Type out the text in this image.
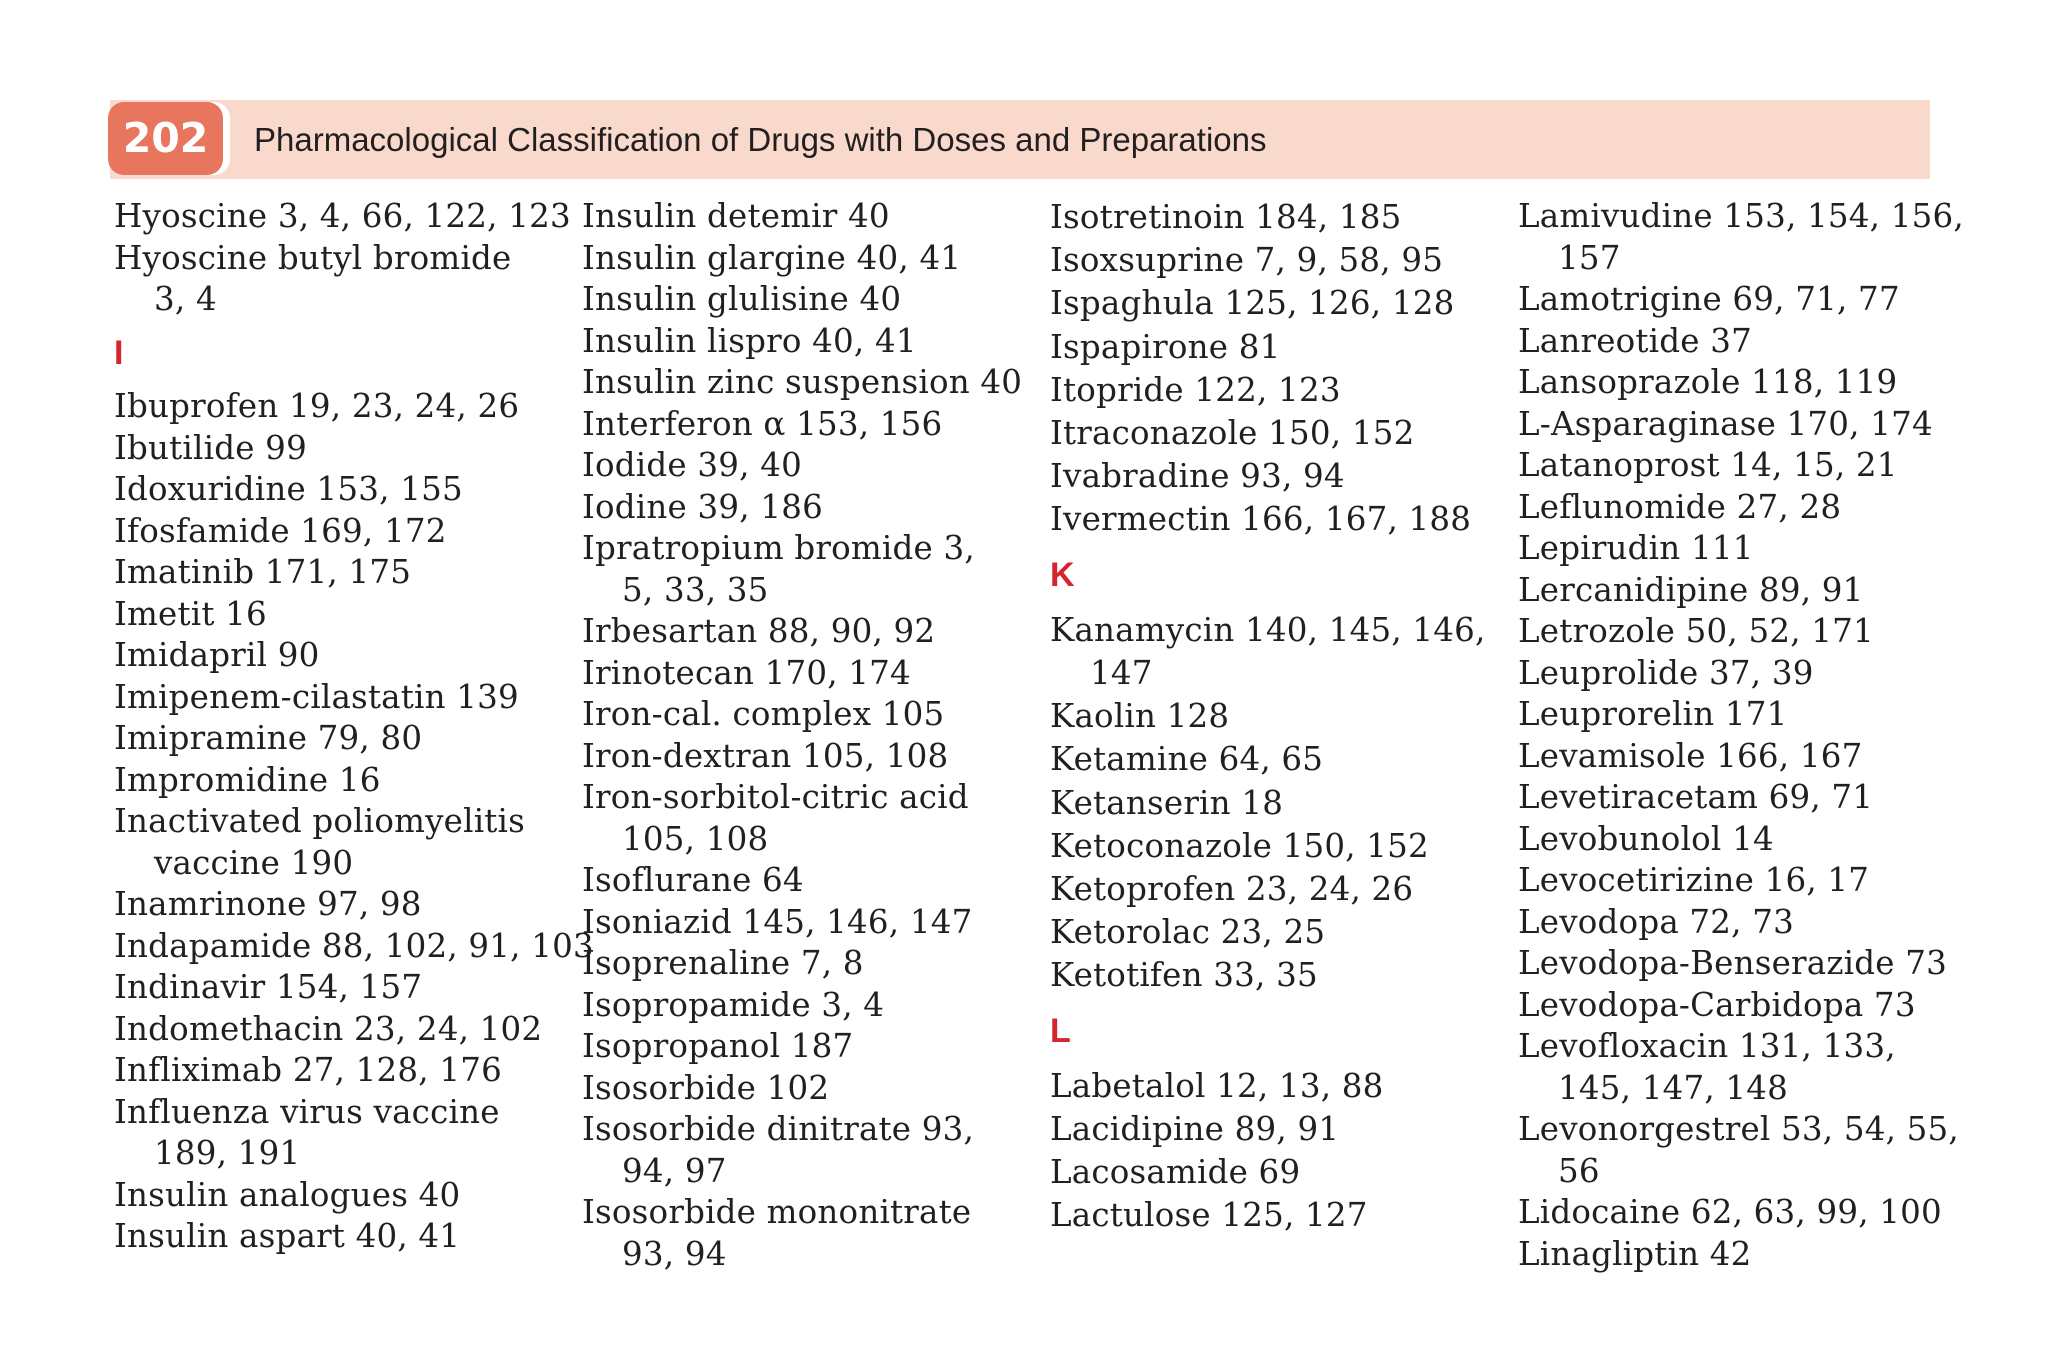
202	Pharmacological Classification of Drugs with Doses and Preparations
Hyoscine 3, 4, 66, 122, 123
Hyoscine butyl bromide
3, 4
I
Ibuprofen 19, 23, 24, 26
Ibutilide 99
Idoxuridine 153, 155
Ifosfamide 169, 172
Imatinib 171, 175
Imetit 16
Imidapril 90
Imipenem-cilastatin 139
Imipramine 79, 80
Impromidine 16
Inactivated poliomyelitis
vaccine 190
Inamrinone 97, 98
Indapamide 88, 102, 91, 103
Indinavir 154, 157
Indomethacin 23, 24, 102
Infliximab 27, 128, 176
Influenza virus vaccine
189, 191
Insulin analogues 40
Insulin aspart 40, 41
Insulin detemir 40
Insulin glargine 40, 41
Insulin glulisine 40
Insulin lispro 40, 41
Insulin zinc suspension 40
Interferon α 153, 156
Iodide 39, 40
Iodine 39, 186
Ipratropium bromide 3,
5, 33, 35
Irbesartan 88, 90, 92
Irinotecan 170, 174
Iron-cal. complex 105
Iron-dextran 105, 108
Iron-sorbitol-citric acid
105, 108
Isoflurane 64
Isoniazid 145, 146, 147
Isoprenaline 7, 8
Isopropamide 3, 4
Isopropanol 187
Isosorbide 102
Isosorbide dinitrate 93,
94, 97
Isosorbide mononitrate
93, 94
Isotretinoin 184, 185
Isoxsuprine 7, 9, 58, 95
Ispaghula 125, 126, 128
Ispapirone 81
Itopride 122, 123
Itraconazole 150, 152
Ivabradine 93, 94
Ivermectin 166, 167, 188
K
Kanamycin 140, 145, 146,
147
Kaolin 128
Ketamine 64, 65
Ketanserin 18
Ketoconazole 150, 152
Ketoprofen 23, 24, 26
Ketorolac 23, 25
Ketotifen 33, 35
L
Labetalol 12, 13, 88
Lacidipine 89, 91
Lacosamide 69
Lactulose 125, 127
Lamivudine 153, 154, 156,
157
Lamotrigine 69, 71, 77
Lanreotide 37
Lansoprazole 118, 119
L-Asparaginase 170, 174
Latanoprost 14, 15, 21
Leflunomide 27, 28
Lepirudin 111
Lercanidipine 89, 91
Letrozole 50, 52, 171
Leuprolide 37, 39
Leuprorelin 171
Levamisole 166, 167
Levetiracetam 69, 71
Levobunolol 14
Levocetirizine 16, 17
Levodopa 72, 73
Levodopa-Benserazide 73
Levodopa-Carbidopa 73
Levofloxacin 131, 133,
145, 147, 148
Levonorgestrel 53, 54, 55,
56
Lidocaine 62, 63, 99, 100
Linagliptin 42
